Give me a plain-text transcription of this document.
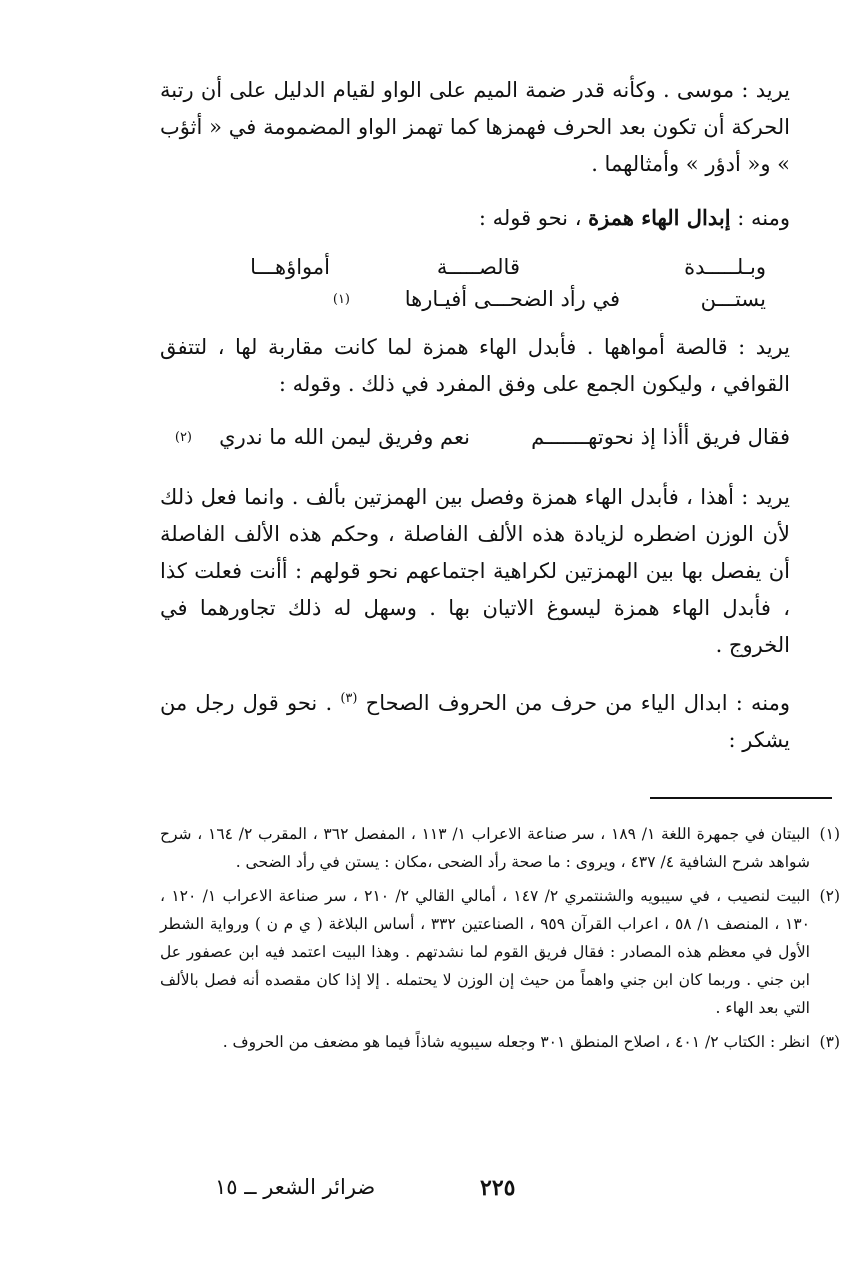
يريد : موسى . وكأنه قدر ضمة الميم على الواو لقيام الدليل على أن رتبة الحركة أن تكون بعد الحرف فهمزها كما تهمز الواو المضمومة في « أثؤب » و« أدؤر » وأمثالهما .

ومنه : إبدال الهاء همزة ، نحو قوله :

وبـلـــــدة
قالصـــــة
أمواؤهـــا
يستـــن
في رأد الضحـــى أفيـارها
(١)

يريد : قالصة أمواهها . فأبدل الهاء همزة لما كانت مقاربة لها ، لتتفق القوافي ، وليكون الجمع على وفق المفرد في ذلك . وقوله :

فقال فريق أأذا إذ نحوتهـــــــم
نعم وفريق ليمن الله ما ندري
(٢)

يريد : أهذا ، فأبدل الهاء همزة وفصل بين الهمزتين بألف . وانما فعل ذلك لأن الوزن اضطره لزيادة هذه الألف الفاصلة ، وحكم هذه الألف الفاصلة أن يفصل بها بين الهمزتين لكراهية اجتماعهم نحو قولهم : أأنت فعلت كذا ، فأبدل الهاء همزة ليسوغ الاتيان بها . وسهل له ذلك تجاورهما في الخروج .

ومنه : ابدال الياء من حرف من الحروف الصحاح $^{(٣)}$ . نحو قول رجل من يشكر :

(١)
البيتان في جمهرة اللغة ١/ ١٨٩ ، سر صناعة الاعراب ١/ ١١٣ ، المفصل ٣٦٢ ، المقرب ٢/ ١٦٤ ، شرح شواهد شرح الشافية ٤/ ٤٣٧ ، ويروى : ما صحة رأد الضحى ،مكان : يستن في رأد الضحى .
(٢)
البيت لنصيب ، في سيبويه والشنتمري ٢/ ١٤٧ ، أمالي القالي ٢/ ٢١٠ ، سر صناعة الاعراب ١/ ١٢٠ ، ١٣٠ ، المنصف ١/ ٥٨ ، اعراب القرآن ٩٥٩ ، الصناعتين ٣٣٢ ، أساس البلاغة ( ي م ن ) ورواية الشطر الأول في معظم هذه المصادر : فقال فريق القوم لما نشدتهم . وهذا البيت اعتمد فيه ابن عصفور عل ابن جني . وربما كان ابن جني واهماً من حيث إن الوزن لا يحتمله . إلا إذا كان مقصده أنه فصل بالألف التي بعد الهاء .
(٣)
انظر : الكتاب ٢/ ٤٠١ ، اصلاح المنطق ٣٠١ وجعله سيبويه شاذاً فيما هو مضعف من الحروف .
٢٢٥
ضرائر الشعر ــ ١٥
